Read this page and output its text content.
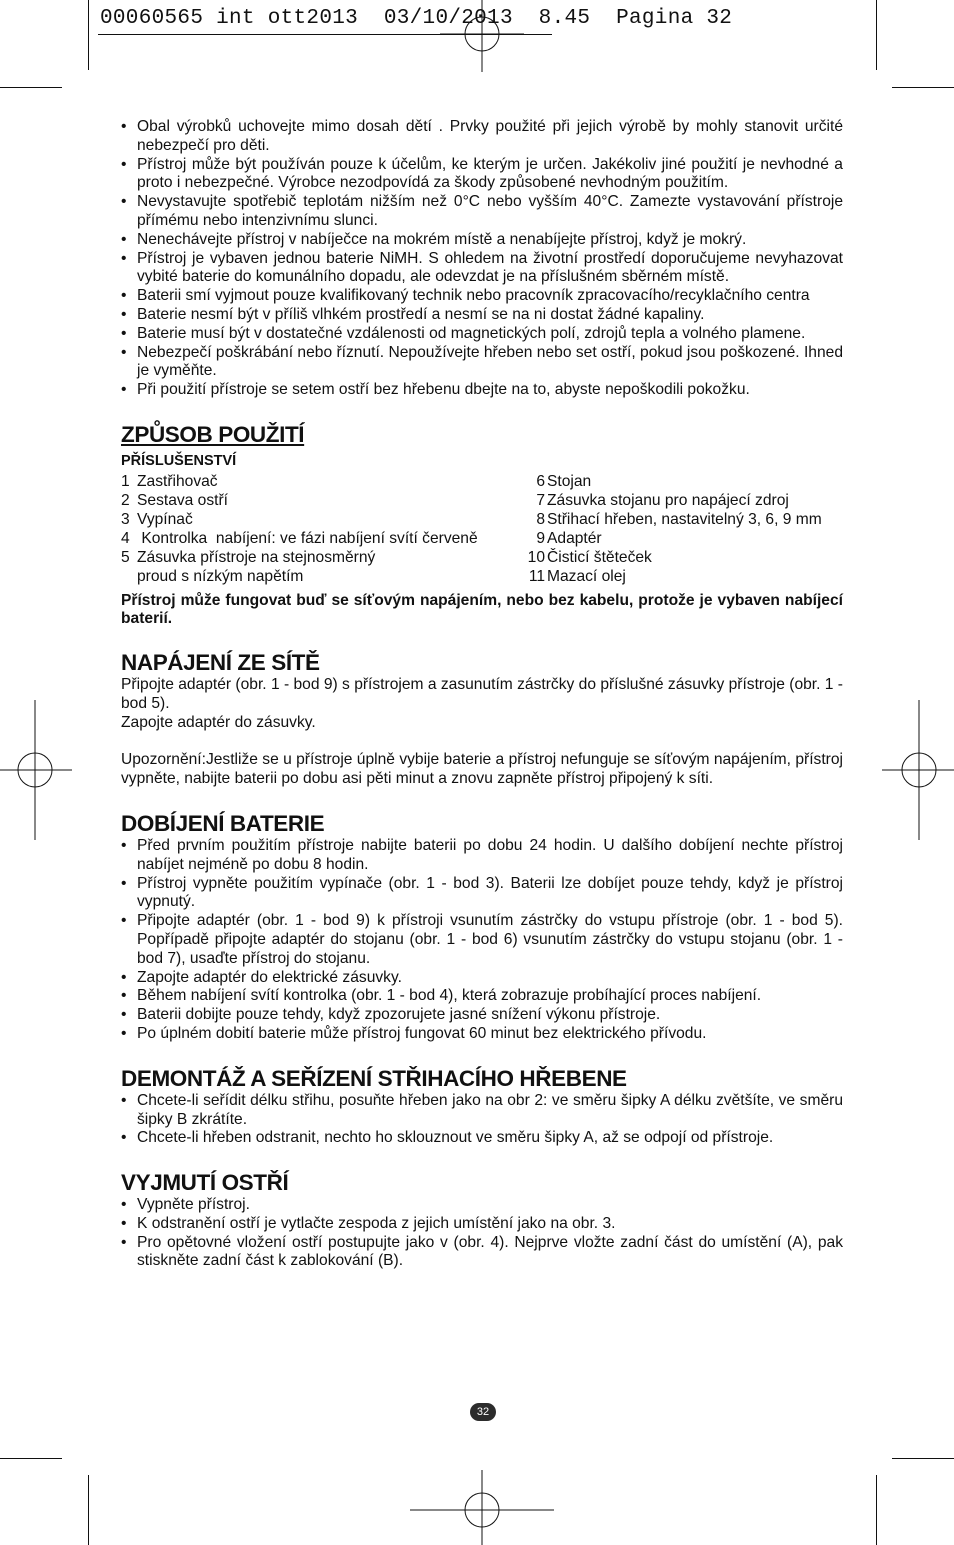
00060565 int ott2013  03/10/2013  8.45  Pagina 32
• Obal výrobků uchovejte mimo dosah dětí . Prvky použité při jejich výrobě by mohly stanovit určité nebezpečí pro děti.
• Přístroj může být používán pouze k účelům, ke kterým je určen. Jakékoliv jiné použití je nevhodné a proto i nebezpečné. Výrobce nezodpovídá za škody způsobené nevhodným použitím.
• Nevystavujte spotřebič teplotám nižším než 0°C nebo vyšším 40°C. Zamezte vystavování přístroje přímému nebo intenzivnímu slunci.
• Nenechávejte přístroj v nabíječce na mokrém místě a nenabíjejte přístroj, když je mokrý.
• Přístroj je vybaven jednou baterie NiMH. S ohledem na životní prostředí doporučujeme nevyhazovat vybité baterie do komunálního dopadu, ale odevzdat je na příslušném sběrném místě.
• Baterii smí vyjmout pouze kvalifikovaný technik nebo pracovník zpracovacího/recyklačního centra
• Baterie nesmí být v příliš vlhkém prostředí a nesmí se na ni dostat žádné kapaliny.
• Baterie musí být v dostatečné vzdálenosti od magnetických polí, zdrojů tepla a volného plamene.
• Nebezpečí poškrábání nebo říznutí. Nepoužívejte hřeben nebo set ostří, pokud jsou poškozené. Ihned je vyměňte.
• Při použití přístroje se setem ostří bez hřebenu dbejte na to, abyste nepoškodili pokožku.
ZPŮSOB POUŽITÍ
PŘÍSLUŠENSTVÍ
1 Zastřihovač
2 Sestava ostří
3 Vypínač
4 Kontrolka  nabíjení: ve fázi nabíjení svítí červeně
5 Zásuvka přístroje na stejnosměrný
proud s nízkým napětím
6 Stojan
7 Zásuvka stojanu pro napájecí zdroj
8 Střihací hřeben, nastavitelný 3, 6, 9 mm
9 Adaptér
10 Čisticí štěteček
11 Mazací olej
Přístroj může fungovat buď se síťovým napájením, nebo bez kabelu, protože je vybaven nabíjecí baterií.
NAPÁJENÍ ZE SÍTĚ

Připojte adaptér (obr. 1 - bod 9) s přístrojem a zasunutím zástrčky do příslušné zásuvky přístroje (obr. 1 - bod 5).

Zapojte adaptér do zásuvky.

Upozornění:Jestliže se u přístroje úplně vybije baterie a přístroj nefunguje se síťovým napájením, přístroj vypněte, nabijte baterii po dobu asi pěti minut a znovu zapněte přístroj připojený k síti.

DOBÍJENÍ BATERIE
• Před prvním použitím přístroje nabijte baterii po dobu 24 hodin. U dalšího dobíjení nechte přístroj nabíjet nejméně po dobu 8 hodin.
• Přístroj vypněte použitím vypínače (obr. 1 - bod 3). Baterii lze dobíjet pouze tehdy, když je přístroj vypnutý.
• Připojte adaptér (obr. 1 - bod 9) k přístroji vsunutím zástrčky do vstupu přístroje (obr. 1 - bod 5). Popřípadě připojte adaptér do stojanu (obr. 1 - bod 6) vsunutím zástrčky do vstupu stojanu (obr. 1 - bod 7), usaďte přístroj do stojanu.
• Zapojte adaptér do elektrické zásuvky.
• Během nabíjení svítí kontrolka (obr. 1 - bod 4), která zobrazuje probíhající proces nabíjení.
• Baterii dobijte pouze tehdy, když zpozorujete jasné snížení výkonu přístroje.
• Po úplném dobití baterie může přístroj fungovat 60 minut bez elektrického přívodu.
DEMONTÁŽ A SEŘÍZENÍ STŘIHACÍHO HŘEBENE
• Chcete-li seřídit délku střihu, posuňte hřeben jako na obr 2: ve směru šipky A délku zvětšíte, ve směru šipky B zkrátíte.
• Chcete-li hřeben odstranit, nechto ho sklouznout ve směru šipky A, až se odpojí od přístroje.
VYJMUTÍ OSTŘÍ
• Vypněte přístroj.
• K odstranění ostří je vytlačte zespoda z jejich umístění jako na obr. 3.
• Pro opětovné vložení ostří postupujte jako v (obr. 4). Nejprve vložte zadní část do umístění (A), pak stiskněte zadní část k zablokování (B).
32
